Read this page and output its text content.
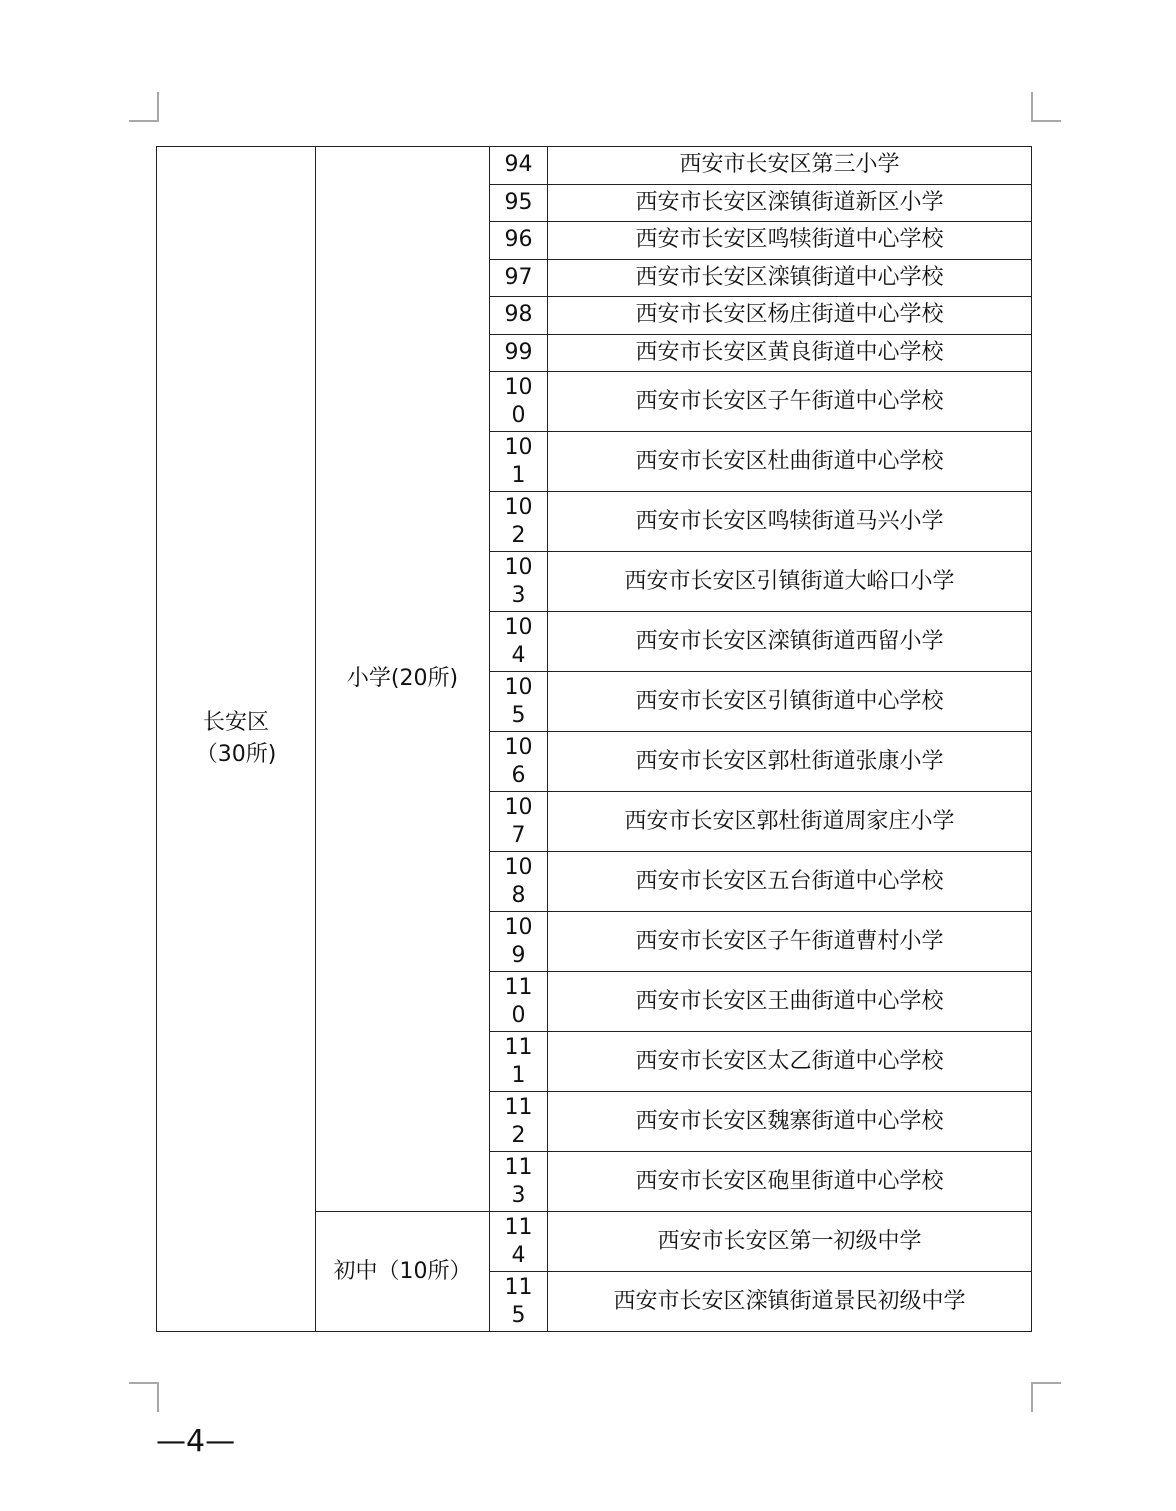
长安区
（30所)	小学(20所)	94	西安市长安区第三小学
		95	西安市长安区滦镇街道新区小学
		96	西安市长安区鸣犊街道中心学校
		97	西安市长安区滦镇街道中心学校
		98	西安市长安区杨庄街道中心学校
		99	西安市长安区黄良街道中心学校
		100	西安市长安区子午街道中心学校
		101	西安市长安区杜曲街道中心学校
		102	西安市长安区鸣犊街道马兴小学
		103	西安市长安区引镇街道大峪口小学
		104	西安市长安区滦镇街道西留小学
		105	西安市长安区引镇街道中心学校
		106	西安市长安区郭杜街道张康小学
		107	西安市长安区郭杜街道周家庄小学
		108	西安市长安区五台街道中心学校
		109	西安市长安区子午街道曹村小学
		110	西安市长安区王曲街道中心学校
		111	西安市长安区太乙街道中心学校
		112	西安市长安区魏寨街道中心学校
		113	西安市长安区砲里街道中心学校
	初中（10所）	114	西安市长安区第一初级中学
		115	西安市长安区滦镇街道景民初级中学
—4—
